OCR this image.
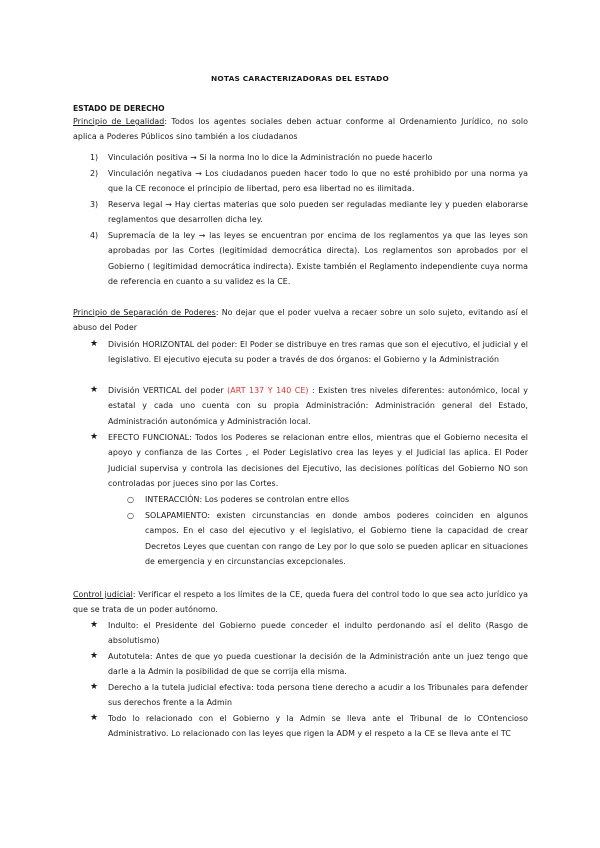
NOTAS CARACTERIZADORAS DEL ESTADO
ESTADO DE DERECHO
Principio de Legalidad: Todos los agentes sociales deben actuar conforme al Ordenamiento Jurídico, no solo aplica a Poderes Públicos sino también a los ciudadanos
1) Vinculación positiva → Si la norma lno lo dice la Administración no puede hacerlo
2) Vinculación negativa → Los ciudadanos pueden hacer todo lo que no esté prohibido por una norma ya que la CE reconoce el principio de libertad, pero esa libertad no es ilimitada.
3) Reserva legal → Hay ciertas materias que solo pueden ser reguladas mediante ley y pueden elaborarse reglamentos que desarrollen dicha ley.
4) Supremacía de la ley → las leyes se encuentran por encima de los reglamentos ya que las leyes son aprobadas por las Cortes (legitimidad democrática directa). Los reglamentos son aprobados por el Gobierno ( legitimidad democrática indirecta). Existe también el Reglamento independiente cuya norma de referencia en cuanto a su validez es la CE.
Principio de Separación de Poderes: No dejar que el poder vuelva a recaer sobre un solo sujeto, evitando así el abuso del Poder
★ División HORIZONTAL del poder: El Poder se distribuye en tres ramas que son el ejecutivo, el judicial y el legislativo. El ejecutivo ejecuta su poder a través de dos órganos: el Gobierno y la Administración
★ División VERTICAL del poder (ART 137 Y 140 CE) : Existen tres niveles diferentes: autonómico, local y estatal y cada uno cuenta con su propia Administración: Administración general del Estado, Administración autonómica y Administración local.
★ EFECTO FUNCIONAL: Todos los Poderes se relacionan entre ellos, mientras que el Gobierno necesita el apoyo y confianza de las Cortes , el Poder Legislativo crea las leyes y el Judicial las aplica. El Poder Judicial supervisa y controla las decisiones del Ejecutivo, las decisiones políticas del Gobierno NO son controladas por jueces sino por las Cortes.
○ INTERACCIÓN: Los poderes se controlan entre ellos
○ SOLAPAMIENTO: existen circunstancias en donde ambos poderes coinciden en algunos campos. En el caso del ejecutivo y el legislativo, el Gobierno tiene la capacidad de crear Decretos Leyes que cuentan con rango de Ley por lo que solo se pueden aplicar en situaciones de emergencia y en circunstancias excepcionales.
Control judicial: Verificar el respeto a los límites de la CE, queda fuera del control todo lo que sea acto jurídico ya que se trata de un poder autónomo.
★ Indulto: el Presidente del Gobierno puede conceder el indulto perdonando así el delito (Rasgo de absolutismo)
★ Autotutela: Antes de que yo pueda cuestionar la decisión de la Administración ante un juez tengo que darle a la Admin la posibilidad de que se corrija ella misma.
★ Derecho a la tutela judicial efectiva: toda persona tiene derecho a acudir a los Tribunales para defender sus derechos frente a la Admin
★ Todo lo relacionado con el Gobierno y la Admin se lleva ante el Tribunal de lo COntencioso Administrativo. Lo relacionado con las leyes que rigen la ADM y el respeto a la CE se lleva ante el TC
